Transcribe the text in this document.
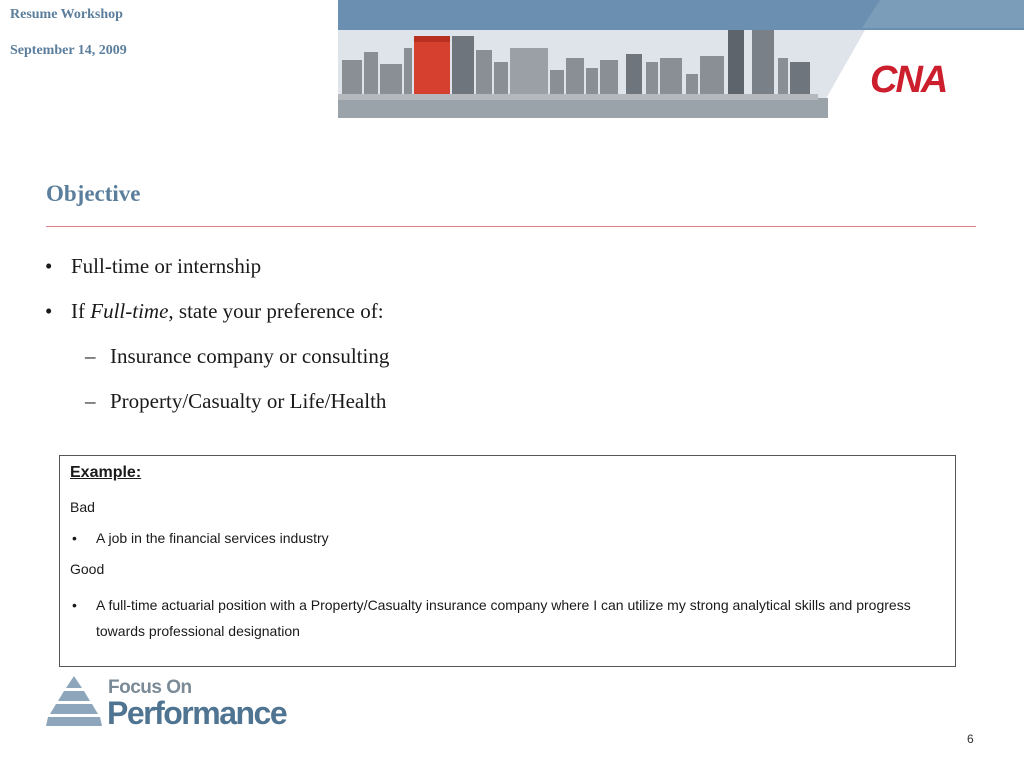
Resume Workshop
September 14, 2009
CNA
Objective
• Full-time or internship
• If Full-time, state your preference of:
– Insurance company or consulting
– Property/Casualty or Life/Health
Example:
Bad
• A job in the financial services industry
Good
• A full-time actuarial position with a Property/Casualty insurance company where I can utilize my strong analytical skills and progress towards professional designation
Focus On
Performance
6
